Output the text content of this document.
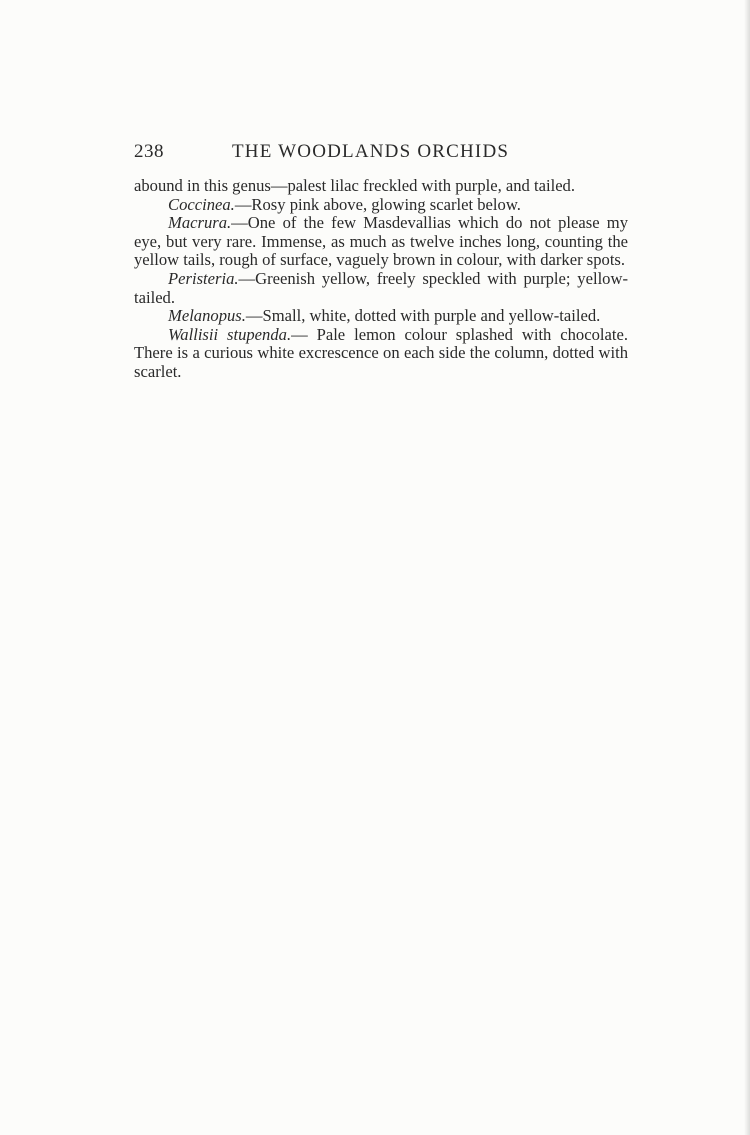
238	THE WOODLANDS ORCHIDS

abound in this genus—palest lilac freckled with purple, and tailed.

Coccinea.—Rosy pink above, glowing scarlet below.

Macrura.—One of the few Masdevallias which do not please my eye, but very rare. Immense, as much as twelve inches long, counting the yellow tails, rough of surface, vaguely brown in colour, with darker spots.

Peristeria.—Greenish yellow, freely speckled with purple; yellow-tailed.

Melanopus.—Small, white, dotted with purple and yellow-tailed.

Wallisii stupenda.— Pale lemon colour splashed with chocolate. There is a curious white excrescence on each side the column, dotted with scarlet.
